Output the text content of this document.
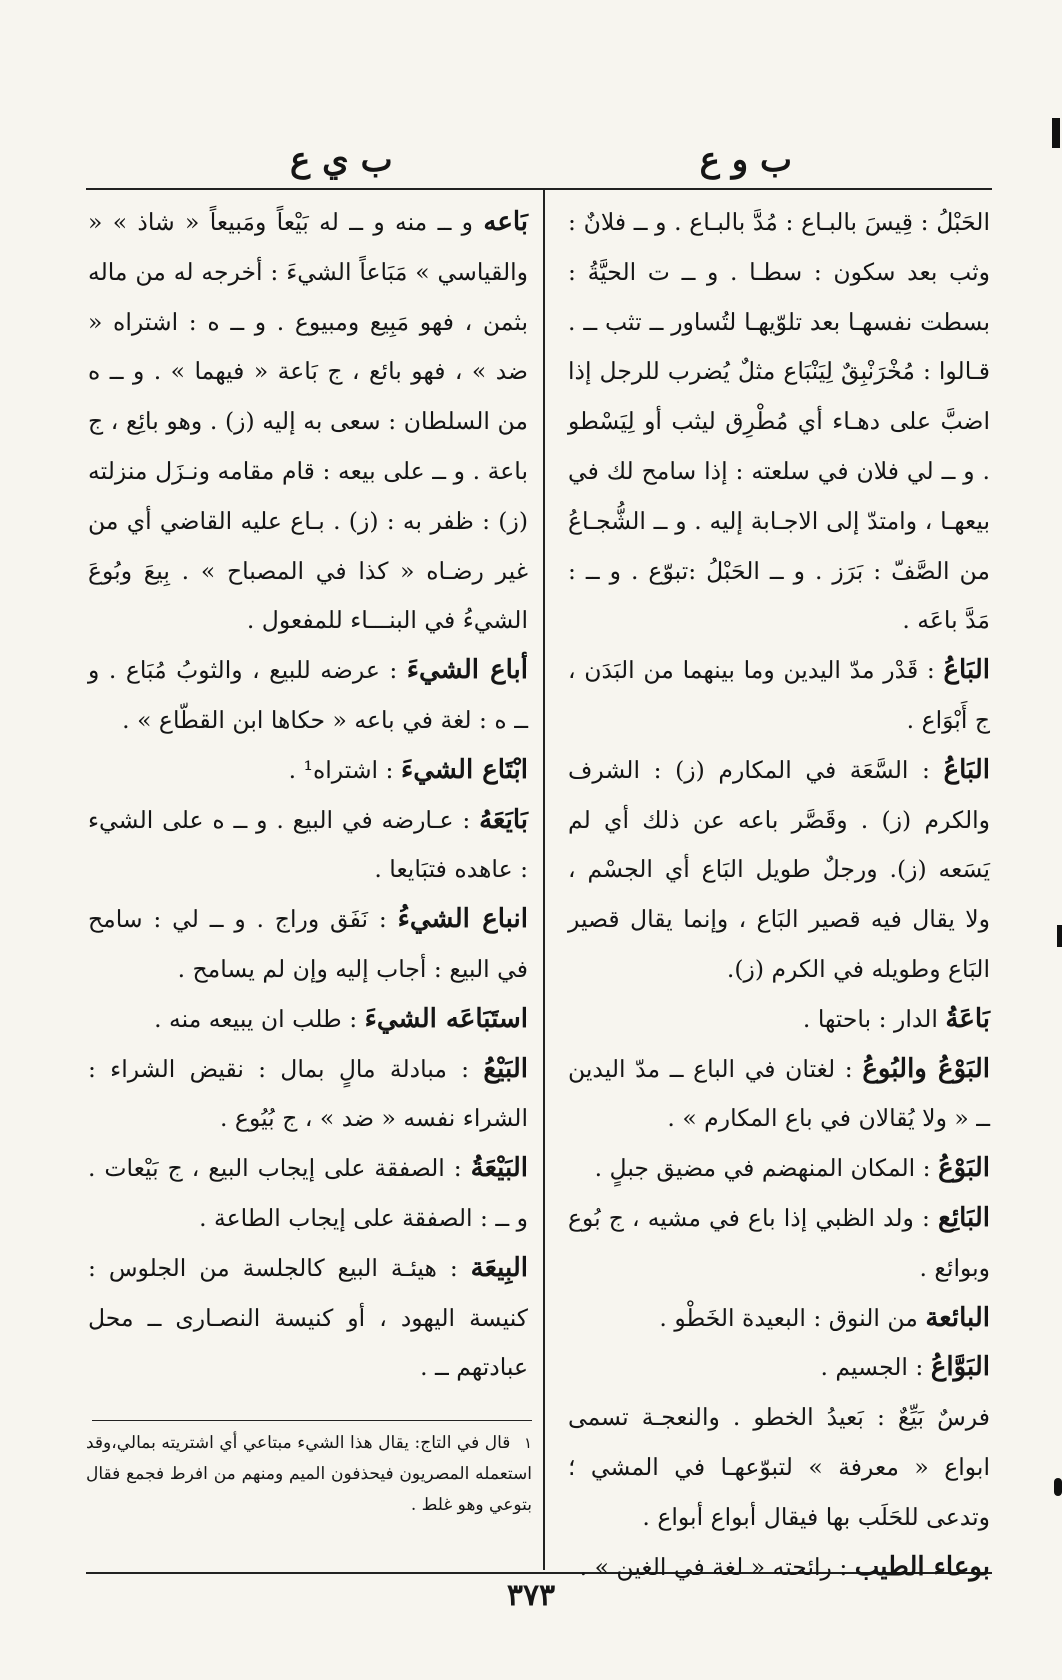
ب و ع
ب ي ع

الحَبْلُ : قِيسَ بالبـاع : مُدَّ بالبـاع . و ــ فلانٌ : وثب بعد سكون : سطـا . و ــ ت الحيَّةُ : بسطت نفسهـا بعد تلوّيهـا لتُساور ــ تثب ــ . قـالوا : مُخْرَنْبِقٌ لِيَنْبَاع مثلٌ يُضرب للرجل إذا اضبَّ على دهـاء أي مُطْرِق ليثب أو لِيَسْطو . و ــ لي فلان في سلعته : إذا سامح لك في بيعهـا ، وامتدّ إلى الاجـابة إليه . و ــ الشُّجـاعُ من الصَّفّ : بَرَز . و ــ الحَبْلُ :تبوّع . و ــ : مَدَّ باعَه .

البَاعُ : قَدْر مدّ اليدين وما بينهما من البَدَن ، ج أَبْوَاع .

البَاعُ : السَّعَة في المكارم (ز) : الشرف والكرم (ز) . وقَصَّر باعه عن ذلك أي لم يَسَعه (ز). ورجلٌ طويل البَاع أي الجسْم ، ولا يقال فيه قصير البَاع ، وإنما يقال قصير البَاع وطويله في الكرم (ز).

بَاعَةُ الدار : باحتها .

البَوْعُ والبُوعُ : لغتان في الباع ــ مدّ اليدين ــ « ولا يُقالان في باع المكارم » .

البَوْعُ : المكان المنهضم في مضيق جبلٍ .

البَائِع : ولد الظبي إذا باع في مشيه ، ج بُوع وبوائع .

البائعة من النوق : البعيدة الخَطْو .

البَوَّاعُ : الجسيم .

فرسٌ بَيِّعٌ : بَعيدُ الخطو . والنعجـة تسمى ابواع « معرفة » لتبوّعهـا في المشي ؛ وتدعى للحَلَب بها فيقال أبواع أبواع .

بوعاء الطيب : رائحته « لغة في الغين » .

بَاعه و ــ منه و ــ له بَيْعاً ومَبيعاً « شاذ » « والقياسي » مَبَاعاً الشيءَ : أخرجه له من ماله بثمن ، فهو مَبِيع ومبيوع . و ــ ه : اشتراه « ضد » ، فهو بائع ، ج بَاعة « فيهما » . و ــ ه من السلطان : سعى به إليه (ز) . وهو بائِع ، ج باعة . و ــ على بيعه : قام مقامه ونـزَل منزلته (ز) : ظفر به : (ز) . بـاع عليه القاضي أي من غير رضـاه « كذا في المصباح » . بِيعَ وبُوعَ الشيءُ في البنـــاء للمفعول .

أباع الشيءَ : عرضه للبيع ، والثوبُ مُبَاع . و ــ ه : لغة في باعه « حكاها ابن القطّاع » .

ابْتَاع الشيءَ : اشتراه¹ .

بَايَعَهُ : عـارضه في البيع . و ــ ه على الشيء : عاهده فتبَايعا .

انباع الشيءُ : نَفَق وراج . و ــ لي : سامح في البيع : أجاب إليه وإن لم يسامح .

استَبَاعَه الشيءَ : طلب ان يبيعه منه .

البَيْعُ : مبادلة مالٍ بمال : نقيض الشراء : الشراء نفسه « ضد » ، ج بُيُوع .

البَيْعَةُ : الصفقة على إيجاب البيع ، ج بَيْعات . و ــ : الصفقة على إيجاب الطاعة .

البِيعَة : هيئـة البيع كالجلسة من الجلوس : كنيسة اليهود ، أو كنيسة النصـارى ــ محل عبادتهم ــ .

١ قال في التاج: يقال هذا الشيء مبتاعي أي اشتريته بمالي،وقد استعمله المصريون فيحذفون الميم ومنهم من افرط فجمع فقال بتوعي وهو غلط .
٣٧٣
